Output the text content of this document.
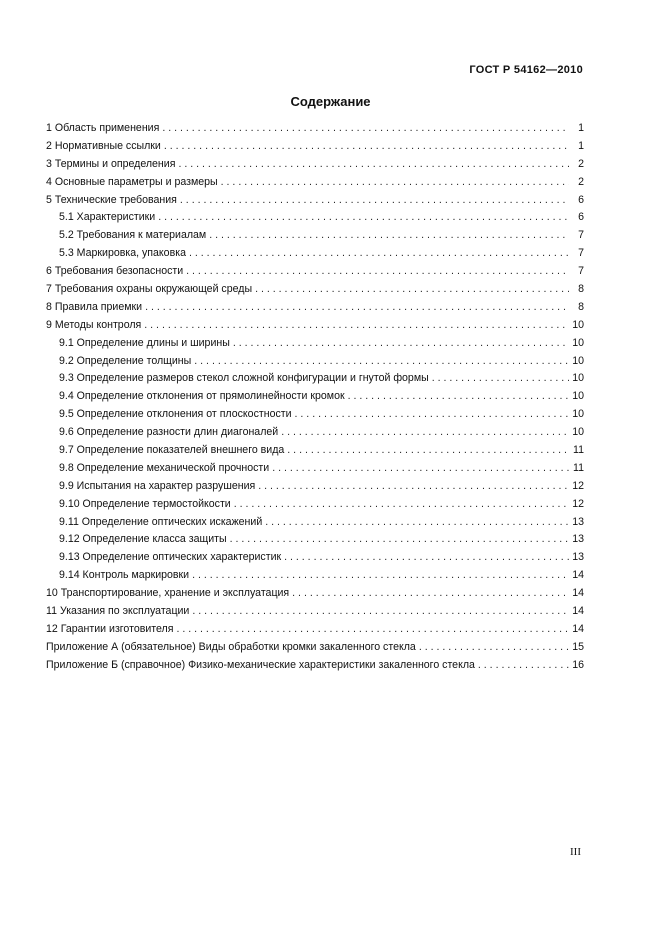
ГОСТ Р 54162—2010
Содержание
1 Область применения . . .	1
2 Нормативные ссылки . . .	1
3 Термины и определения . . .	2
4 Основные параметры и размеры . . .	2
5 Технические требования . . .	6
5.1 Характеристики . . .	6
5.2 Требования к материалам . . .	7
5.3 Маркировка, упаковка . . .	7
6 Требования безопасности . . .	7
7 Требования охраны окружающей среды . . .	8
8 Правила приемки . . .	8
9 Методы контроля . . .	10
9.1 Определение длины и ширины . . .	10
9.2 Определение толщины . . .	10
9.3 Определение размеров стекол сложной конфигурации и гнутой формы . . .	10
9.4 Определение отклонения от прямолинейности кромок . . .	10
9.5 Определение отклонения от плоскостности . . .	10
9.6 Определение разности длин диагоналей . . .	10
9.7 Определение показателей внешнего вида . . .	11
9.8 Определение механической прочности . . .	11
9.9 Испытания на характер разрушения . . .	12
9.10 Определение термостойкости . . .	12
9.11 Определение оптических искажений . . .	13
9.12 Определение класса защиты . . .	13
9.13 Определение оптических характеристик . . .	13
9.14 Контроль маркировки . . .	14
10 Транспортирование, хранение и эксплуатация . . .	14
11 Указания по эксплуатации . . .	14
12 Гарантии изготовителя . . .	14
Приложение А (обязательное) Виды обработки кромки закаленного стекла . . .	15
Приложение Б (справочное) Физико-механические характеристики закаленного стекла . . .	16
III
